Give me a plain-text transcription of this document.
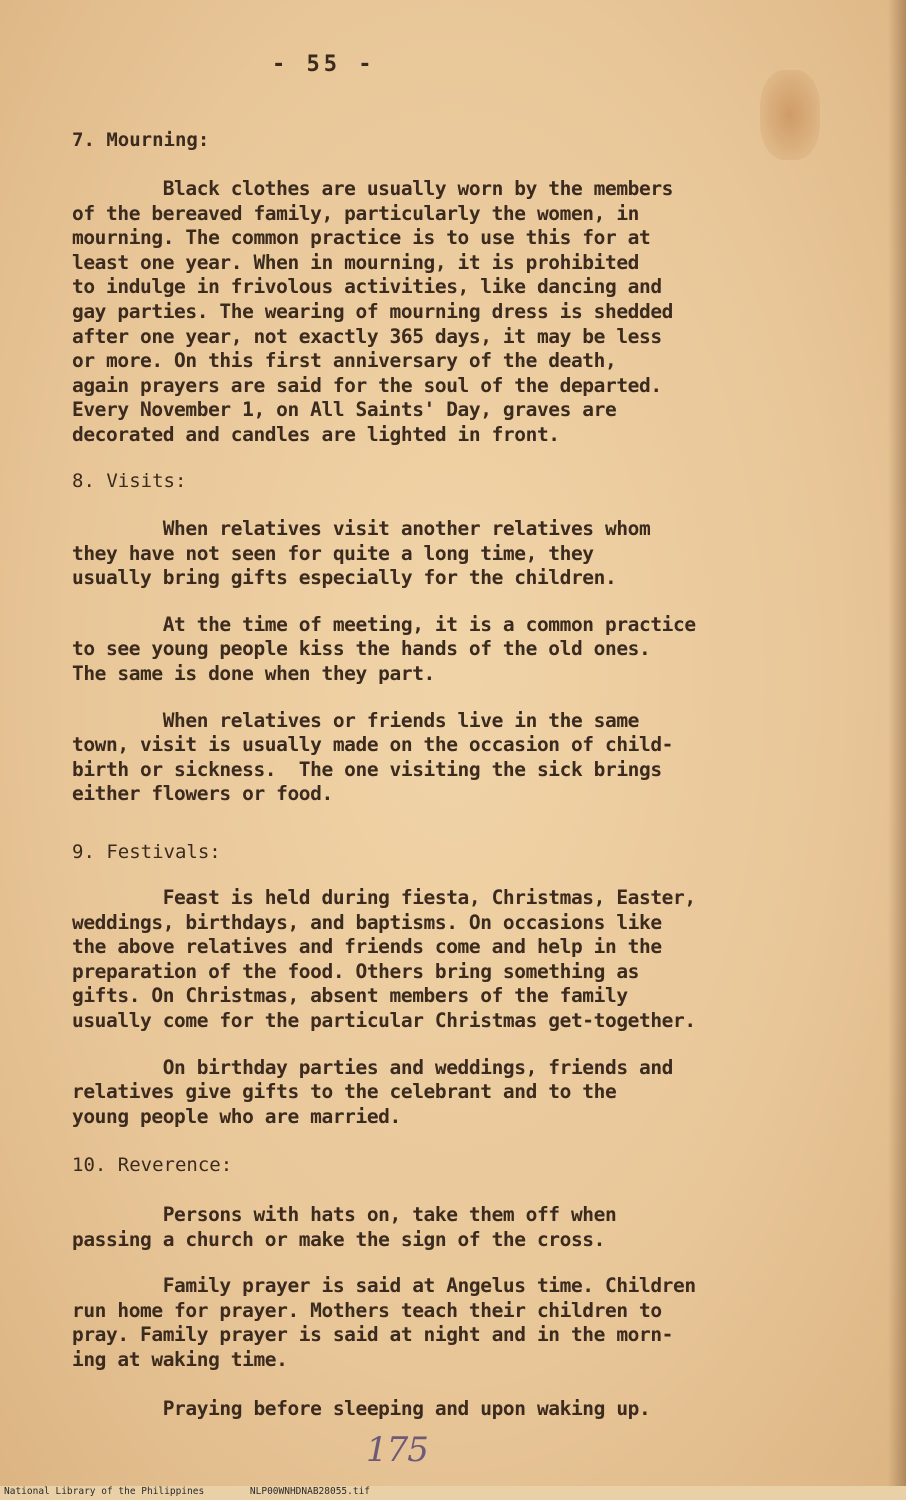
- 55 -

7. Mourning:

Black clothes are usually worn by the members
of the bereaved family, particularly the women, in
mourning. The common practice is to use this for at
least one year. When in mourning, it is prohibited
to indulge in frivolous activities, like dancing and
gay parties. The wearing of mourning dress is shedded
after one year, not exactly 365 days, it may be less
or more. On this first anniversary of the death,
again prayers are said for the soul of the departed.
Every November 1, on All Saints' Day, graves are
decorated and candles are lighted in front.

8. Visits:

When relatives visit another relatives whom
they have not seen for quite a long time, they
usually bring gifts especially for the children.

At the time of meeting, it is a common practice
to see young people kiss the hands of the old ones.
The same is done when they part.

When relatives or friends live in the same
town, visit is usually made on the occasion of child-
birth or sickness.  The one visiting the sick brings
either flowers or food.

9. Festivals:

Feast is held during fiesta, Christmas, Easter,
weddings, birthdays, and baptisms. On occasions like
the above relatives and friends come and help in the
preparation of the food. Others bring something as
gifts. On Christmas, absent members of the family
usually come for the particular Christmas get-together.

On birthday parties and weddings, friends and
relatives give gifts to the celebrant and to the
young people who are married.

10. Reverence:

Persons with hats on, take them off when
passing a church or make the sign of the cross.

Family prayer is said at Angelus time. Children
run home for prayer. Mothers teach their children to
pray. Family prayer is said at night and in the morn-
ing at waking time.

Praying before sleeping and upon waking up.

175
National Library of the Philippines	NLP00WNHDNAB28055.tif
